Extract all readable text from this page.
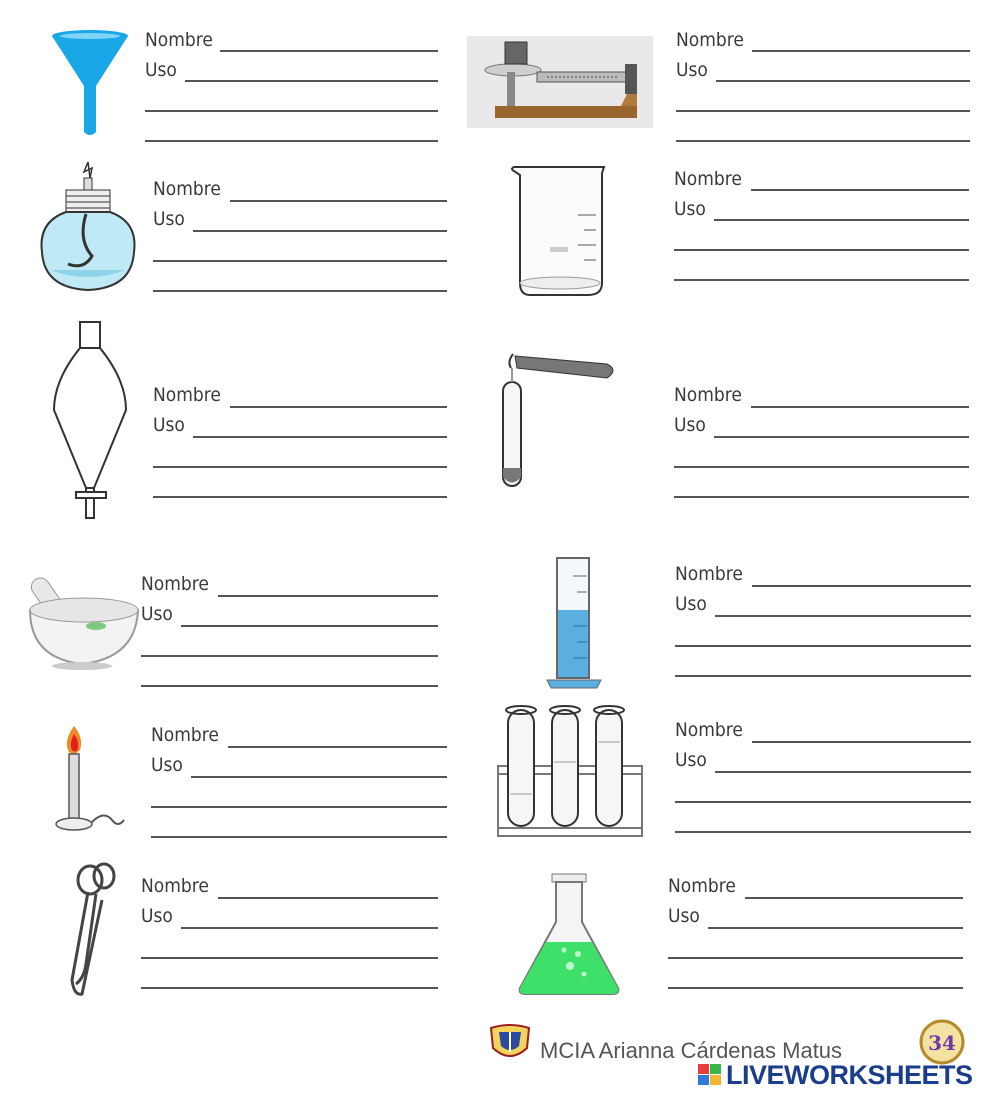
Nombre
Uso
Nombre
Uso
Nombre
Uso
Nombre
Uso
Nombre
Uso
Nombre
Uso
Nombre
Uso
Nombre
Uso
Nombre
Uso
Nombre
Uso
Nombre
Uso
Nombre
Uso
MCIA Arianna Cárdenas Matus	34
LIVEWORKSHEETS
